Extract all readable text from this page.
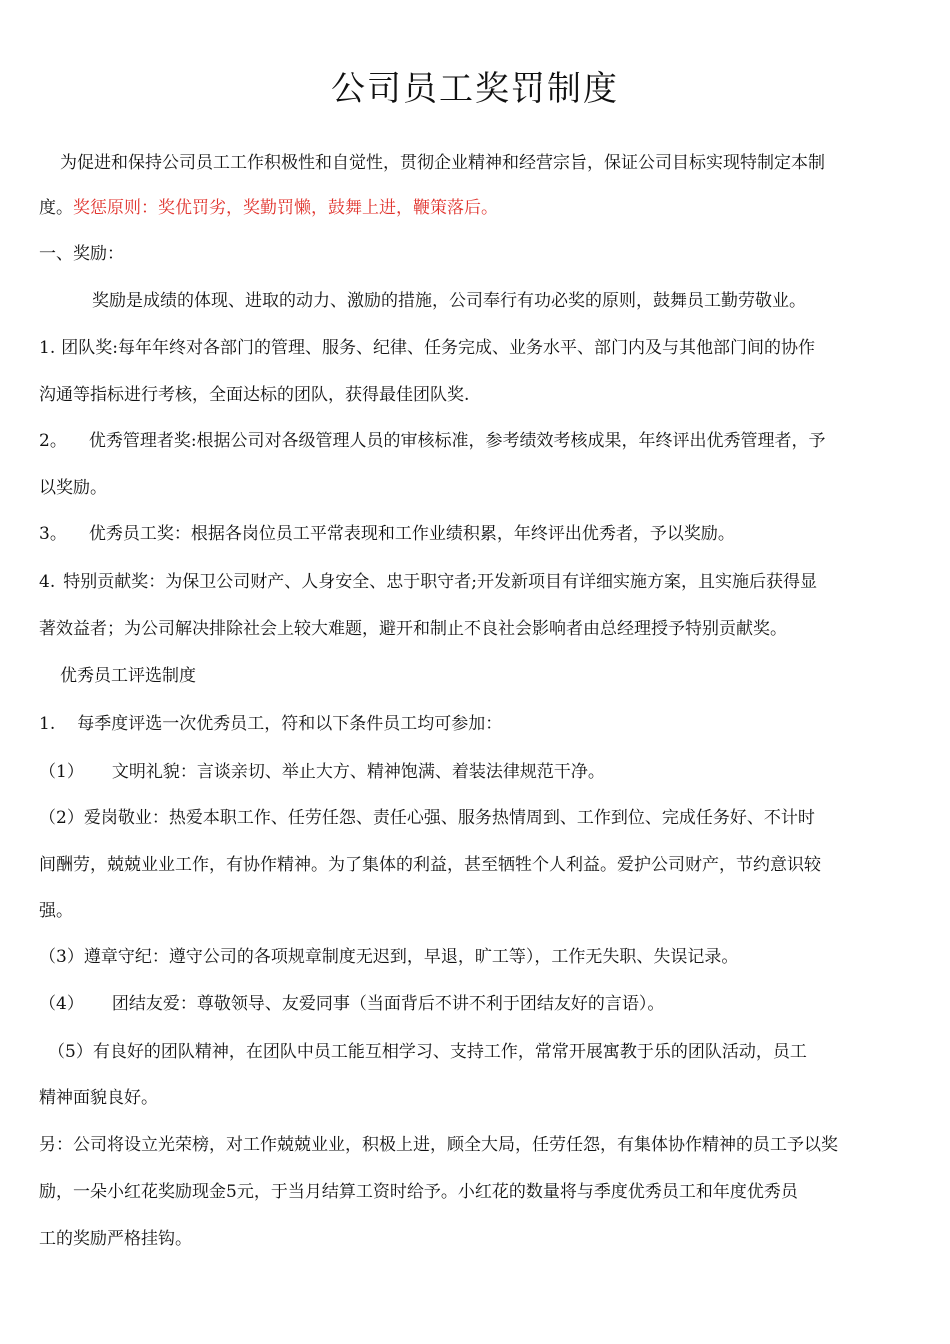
公司员工奖罚制度
为促进和保持公司员工工作积极性和自觉性，贯彻企业精神和经营宗旨，保证公司目标实现特制定本制
度。奖惩原则：奖优罚劣，奖勤罚懒，鼓舞上进，鞭策落后。
一、奖励：
奖励是成绩的体现、进取的动力、激励的措施，公司奉行有功必奖的原则，鼓舞员工勤劳敬业。
1. 团队奖:每年年终对各部门的管理、服务、纪律、任务完成、业务水平、部门内及与其他部门间的协作
沟通等指标进行考核，全面达标的团队，获得最佳团队奖.
2。 优秀管理者奖:根据公司对各级管理人员的审核标准，参考绩效考核成果，年终评出优秀管理者，予
以奖励。
3。 优秀员工奖：根据各岗位员工平常表现和工作业绩积累，年终评出优秀者，予以奖励。
4. 特别贡献奖：为保卫公司财产、人身安全、忠于职守者;开发新项目有详细实施方案，且实施后获得显
著效益者；为公司解决排除社会上较大难题，避开和制止不良社会影响者由总经理授予特别贡献奖。
优秀员工评选制度
1. 每季度评选一次优秀员工，符和以下条件员工均可参加：
（1） 文明礼貌：言谈亲切、举止大方、精神饱满、着装法律规范干净。
（2）爱岗敬业：热爱本职工作、任劳任怨、责任心强、服务热情周到、工作到位、完成任务好、不计时
间酬劳，兢兢业业工作，有协作精神。为了集体的利益，甚至牺牲个人利益。爱护公司财产，节约意识较
强。
（3）遵章守纪：遵守公司的各项规章制度无迟到，早退，旷工等），工作无失职、失误记录。
（4） 团结友爱：尊敬领导、友爱同事（当面背后不讲不利于团结友好的言语）。
（5）有良好的团队精神，在团队中员工能互相学习、支持工作，常常开展寓教于乐的团队活动，员工
精神面貌良好。
另：公司将设立光荣榜，对工作兢兢业业，积极上进，顾全大局，任劳任怨，有集体协作精神的员工予以奖
励，一朵小红花奖励现金5元，于当月结算工资时给予。小红花的数量将与季度优秀员工和年度优秀员
工的奖励严格挂钩。
